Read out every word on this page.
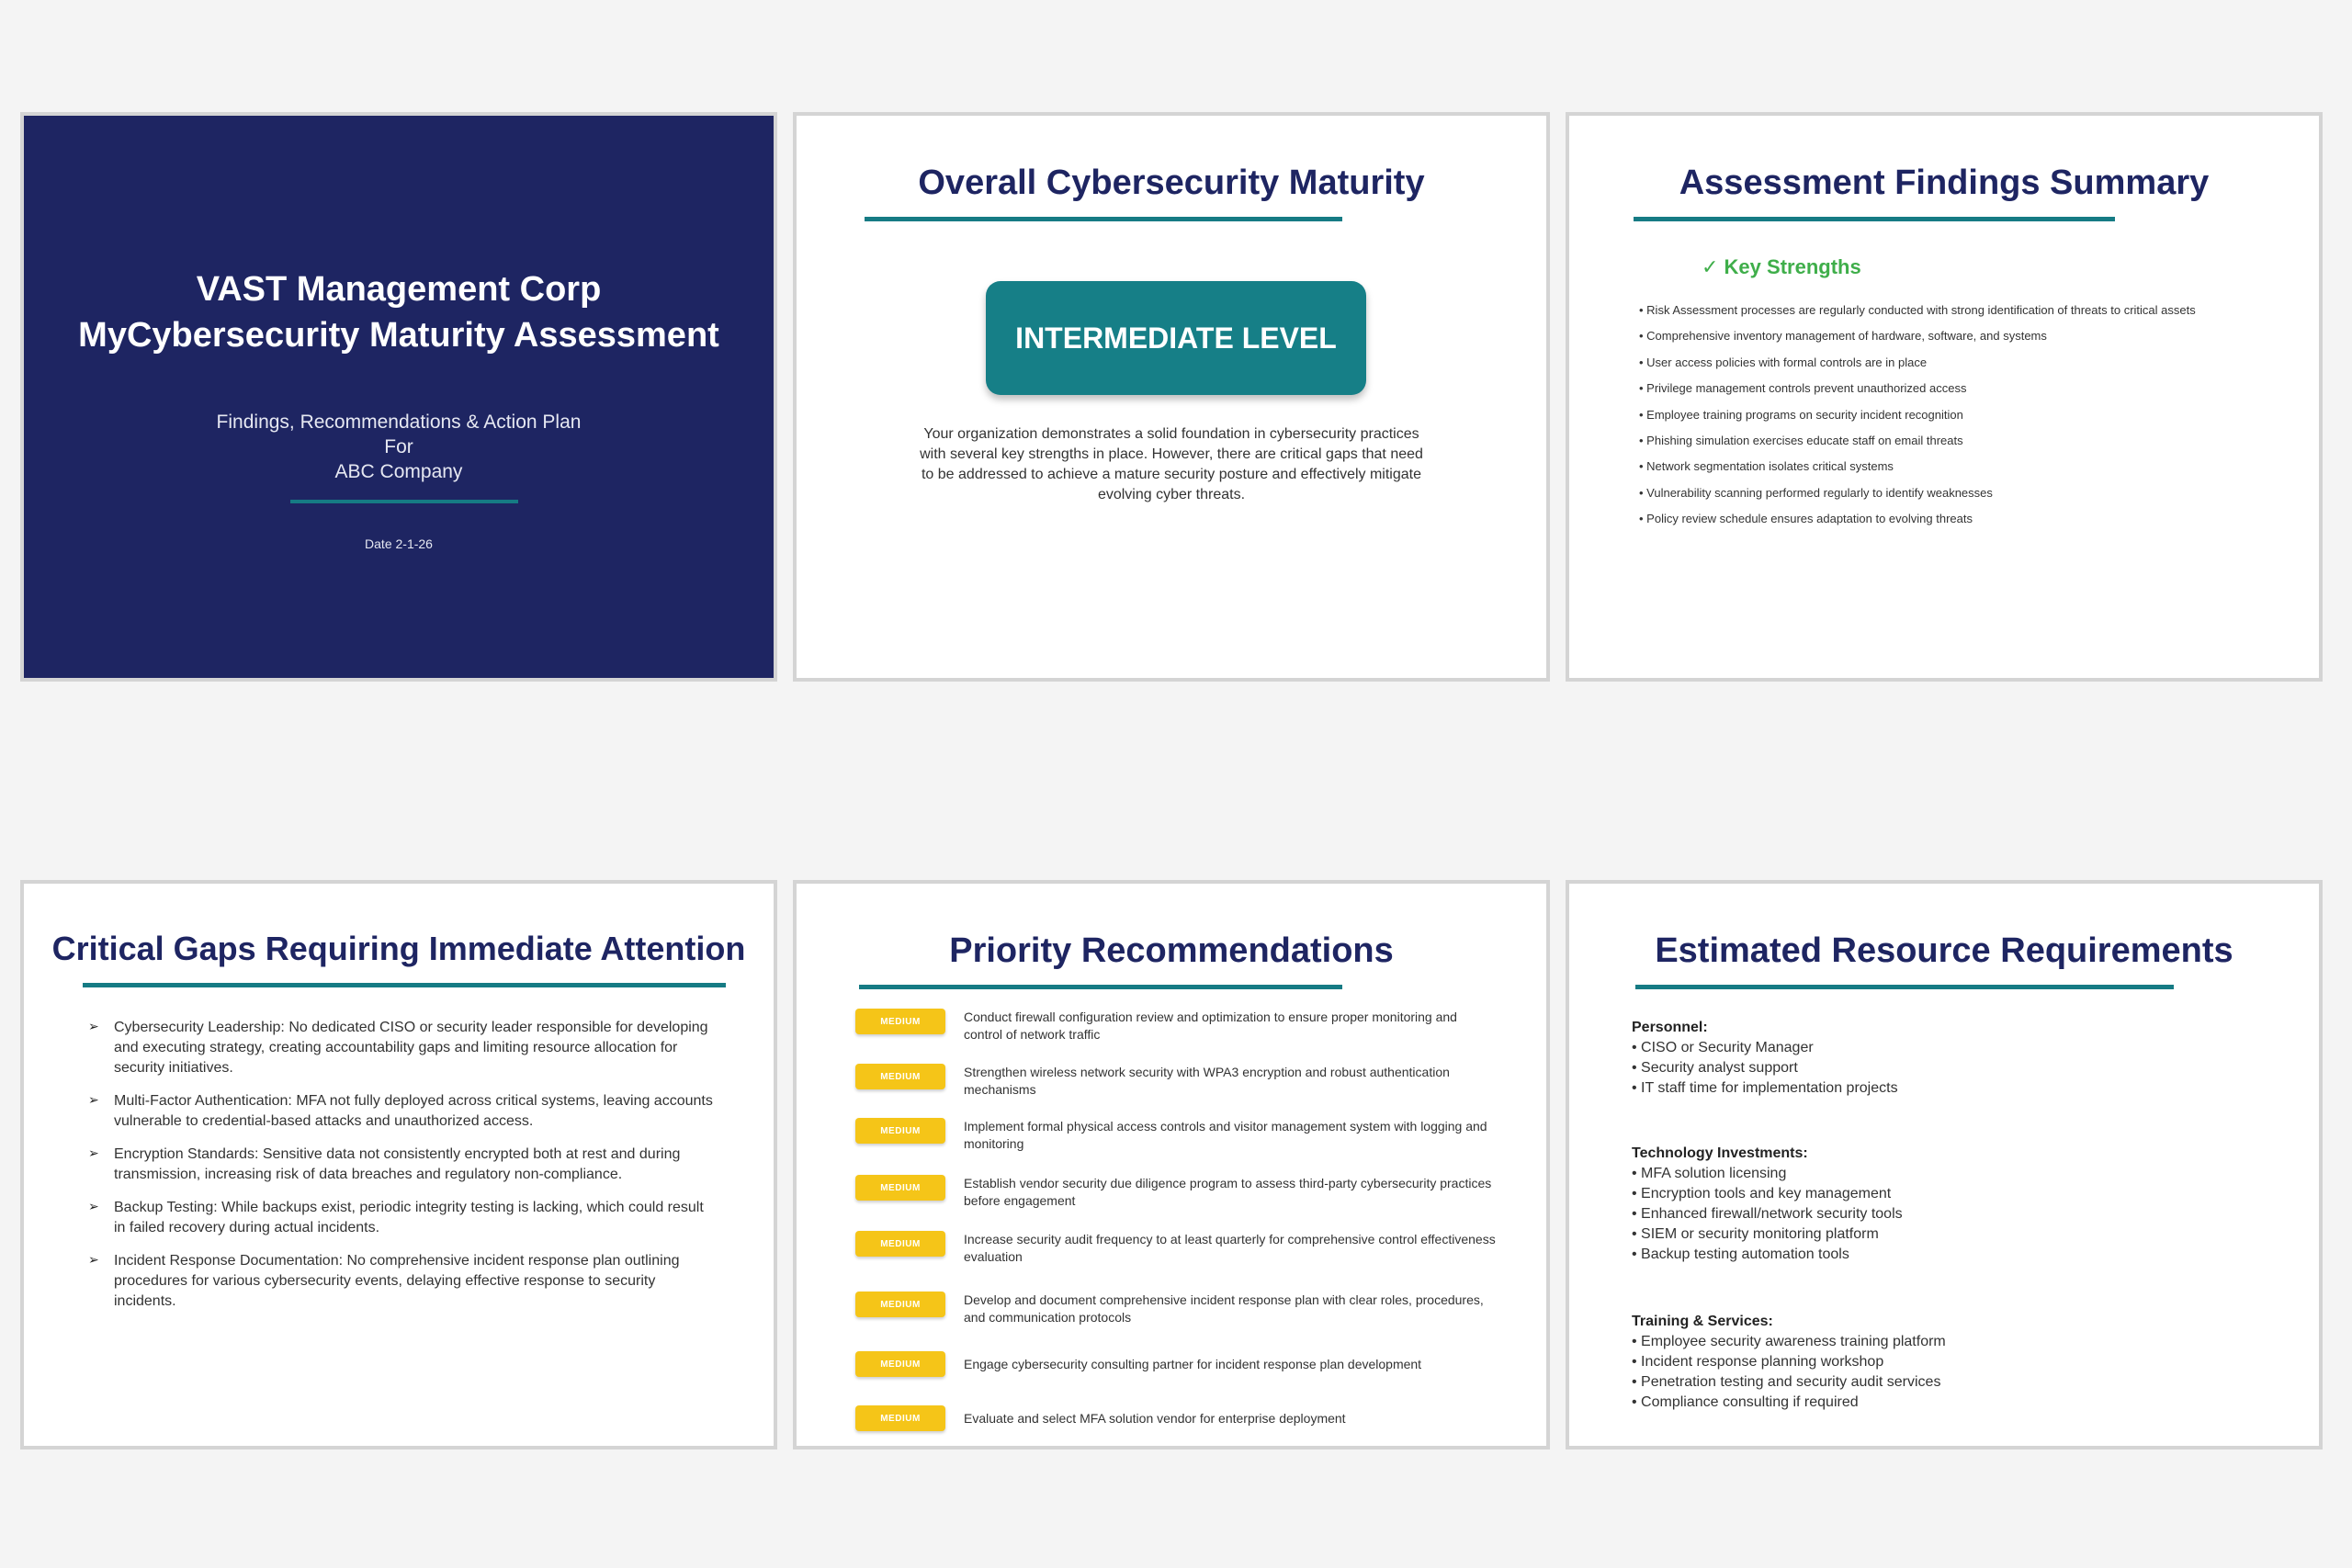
VAST Management Corp
MyCybersecurity Maturity Assessment
Findings, Recommendations & Action Plan
For
ABC Company
Date 2-1-26
Overall Cybersecurity Maturity
INTERMEDIATE LEVEL
Your organization demonstrates a solid foundation in cybersecurity practices with several key strengths in place. However, there are critical gaps that need to be addressed to achieve a mature security posture and effectively mitigate evolving cyber threats.
Assessment Findings Summary
✓ Key Strengths
• Risk Assessment processes are regularly conducted with strong identification of threats to critical assets
• Comprehensive inventory management of hardware, software, and systems
• User access policies with formal controls are in place
• Privilege management controls prevent unauthorized access
• Employee training programs on security incident recognition
• Phishing simulation exercises educate staff on email threats
• Network segmentation isolates critical systems
• Vulnerability scanning performed regularly to identify weaknesses
• Policy review schedule ensures adaptation to evolving threats
Critical Gaps Requiring Immediate Attention
➢ Cybersecurity Leadership: No dedicated CISO or security leader responsible for developing and executing strategy, creating accountability gaps and limiting resource allocation for security initiatives.
➢ Multi-Factor Authentication: MFA not fully deployed across critical systems, leaving accounts vulnerable to credential-based attacks and unauthorized access.
➢ Encryption Standards: Sensitive data not consistently encrypted both at rest and during transmission, increasing risk of data breaches and regulatory non-compliance.
➢ Backup Testing: While backups exist, periodic integrity testing is lacking, which could result in failed recovery during actual incidents.
➢ Incident Response Documentation: No comprehensive incident response plan outlining procedures for various cybersecurity events, delaying effective response to security incidents.
Priority Recommendations
MEDIUM	Conduct firewall configuration review and optimization to ensure proper monitoring and control of network traffic
MEDIUM	Strengthen wireless network security with WPA3 encryption and robust authentication mechanisms
MEDIUM	Implement formal physical access controls and visitor management system with logging and monitoring
MEDIUM	Establish vendor security due diligence program to assess third-party cybersecurity practices before engagement
MEDIUM	Increase security audit frequency to at least quarterly for comprehensive control effectiveness evaluation
MEDIUM	Develop and document comprehensive incident response plan with clear roles, procedures, and communication protocols
MEDIUM	Engage cybersecurity consulting partner for incident response plan development
MEDIUM	Evaluate and select MFA solution vendor for enterprise deployment
Estimated Resource Requirements
Personnel:
• CISO or Security Manager
• Security analyst support
• IT staff time for implementation projects
Technology Investments:
• MFA solution licensing
• Encryption tools and key management
• Enhanced firewall/network security tools
• SIEM or security monitoring platform
• Backup testing automation tools
Training & Services:
• Employee security awareness training platform
• Incident response planning workshop
• Penetration testing and security audit services
• Compliance consulting if required
